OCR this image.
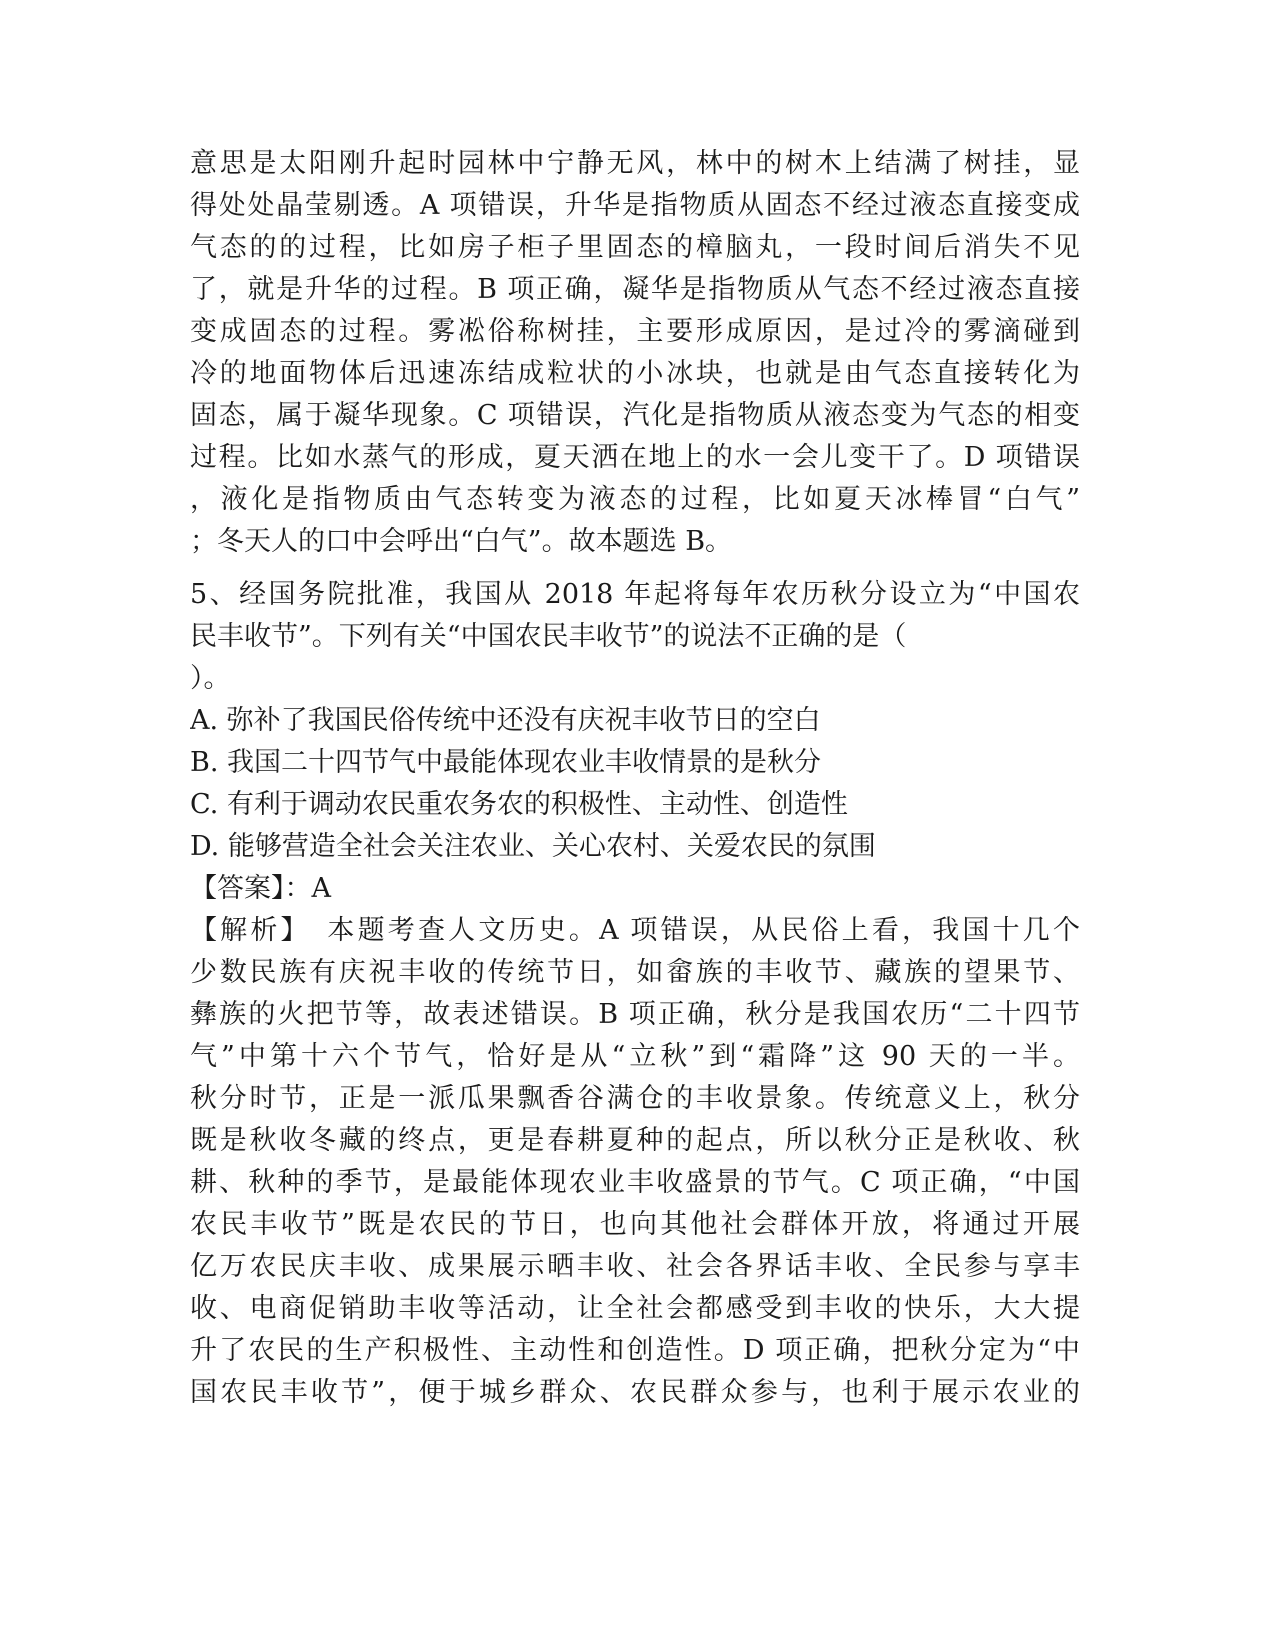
意思是太阳刚升起时园林中宁静无风，林中的树木上结满了树挂，显
得处处晶莹剔透。A 项错误，升华是指物质从固态不经过液态直接变成
气态的的过程，比如房子柜子里固态的樟脑丸，一段时间后消失不见
了，就是升华的过程。B 项正确，凝华是指物质从气态不经过液态直接
变成固态的过程。雾凇俗称树挂，主要形成原因，是过冷的雾滴碰到
冷的地面物体后迅速冻结成粒状的小冰块，也就是由气态直接转化为
固态，属于凝华现象。C 项错误，汽化是指物质从液态变为气态的相变
过程。比如水蒸气的形成，夏天洒在地上的水一会儿变干了。D 项错误
，液化是指物质由气态转变为液态的过程，比如夏天冰棒冒“白气”
；冬天人的口中会呼出“白气”。故本题选 B。
5、经国务院批准，我国从 2018 年起将每年农历秋分设立为“中国农
民丰收节”。下列有关“中国农民丰收节”的说法不正确的是（
）。
A. 弥补了我国民俗传统中还没有庆祝丰收节日的空白
B. 我国二十四节气中最能体现农业丰收情景的是秋分
C. 有利于调动农民重农务农的积极性、主动性、创造性
D. 能够营造全社会关注农业、关心农村、关爱农民的氛围
【答案】：A
【解析】　本题考查人文历史。A 项错误，从民俗上看，我国十几个
少数民族有庆祝丰收的传统节日，如畲族的丰收节、藏族的望果节、
彝族的火把节等，故表述错误。B 项正确，秋分是我国农历“二十四节
气”中第十六个节气，恰好是从“立秋”到“霜降”这 90 天的一半。
秋分时节，正是一派瓜果飘香谷满仓的丰收景象。传统意义上，秋分
既是秋收冬藏的终点，更是春耕夏种的起点，所以秋分正是秋收、秋
耕、秋种的季节，是最能体现农业丰收盛景的节气。C 项正确，“中国
农民丰收节”既是农民的节日，也向其他社会群体开放，将通过开展
亿万农民庆丰收、成果展示晒丰收、社会各界话丰收、全民参与享丰
收、电商促销助丰收等活动，让全社会都感受到丰收的快乐，大大提
升了农民的生产积极性、主动性和创造性。D 项正确，把秋分定为“中
国农民丰收节”，便于城乡群众、农民群众参与，也利于展示农业的
